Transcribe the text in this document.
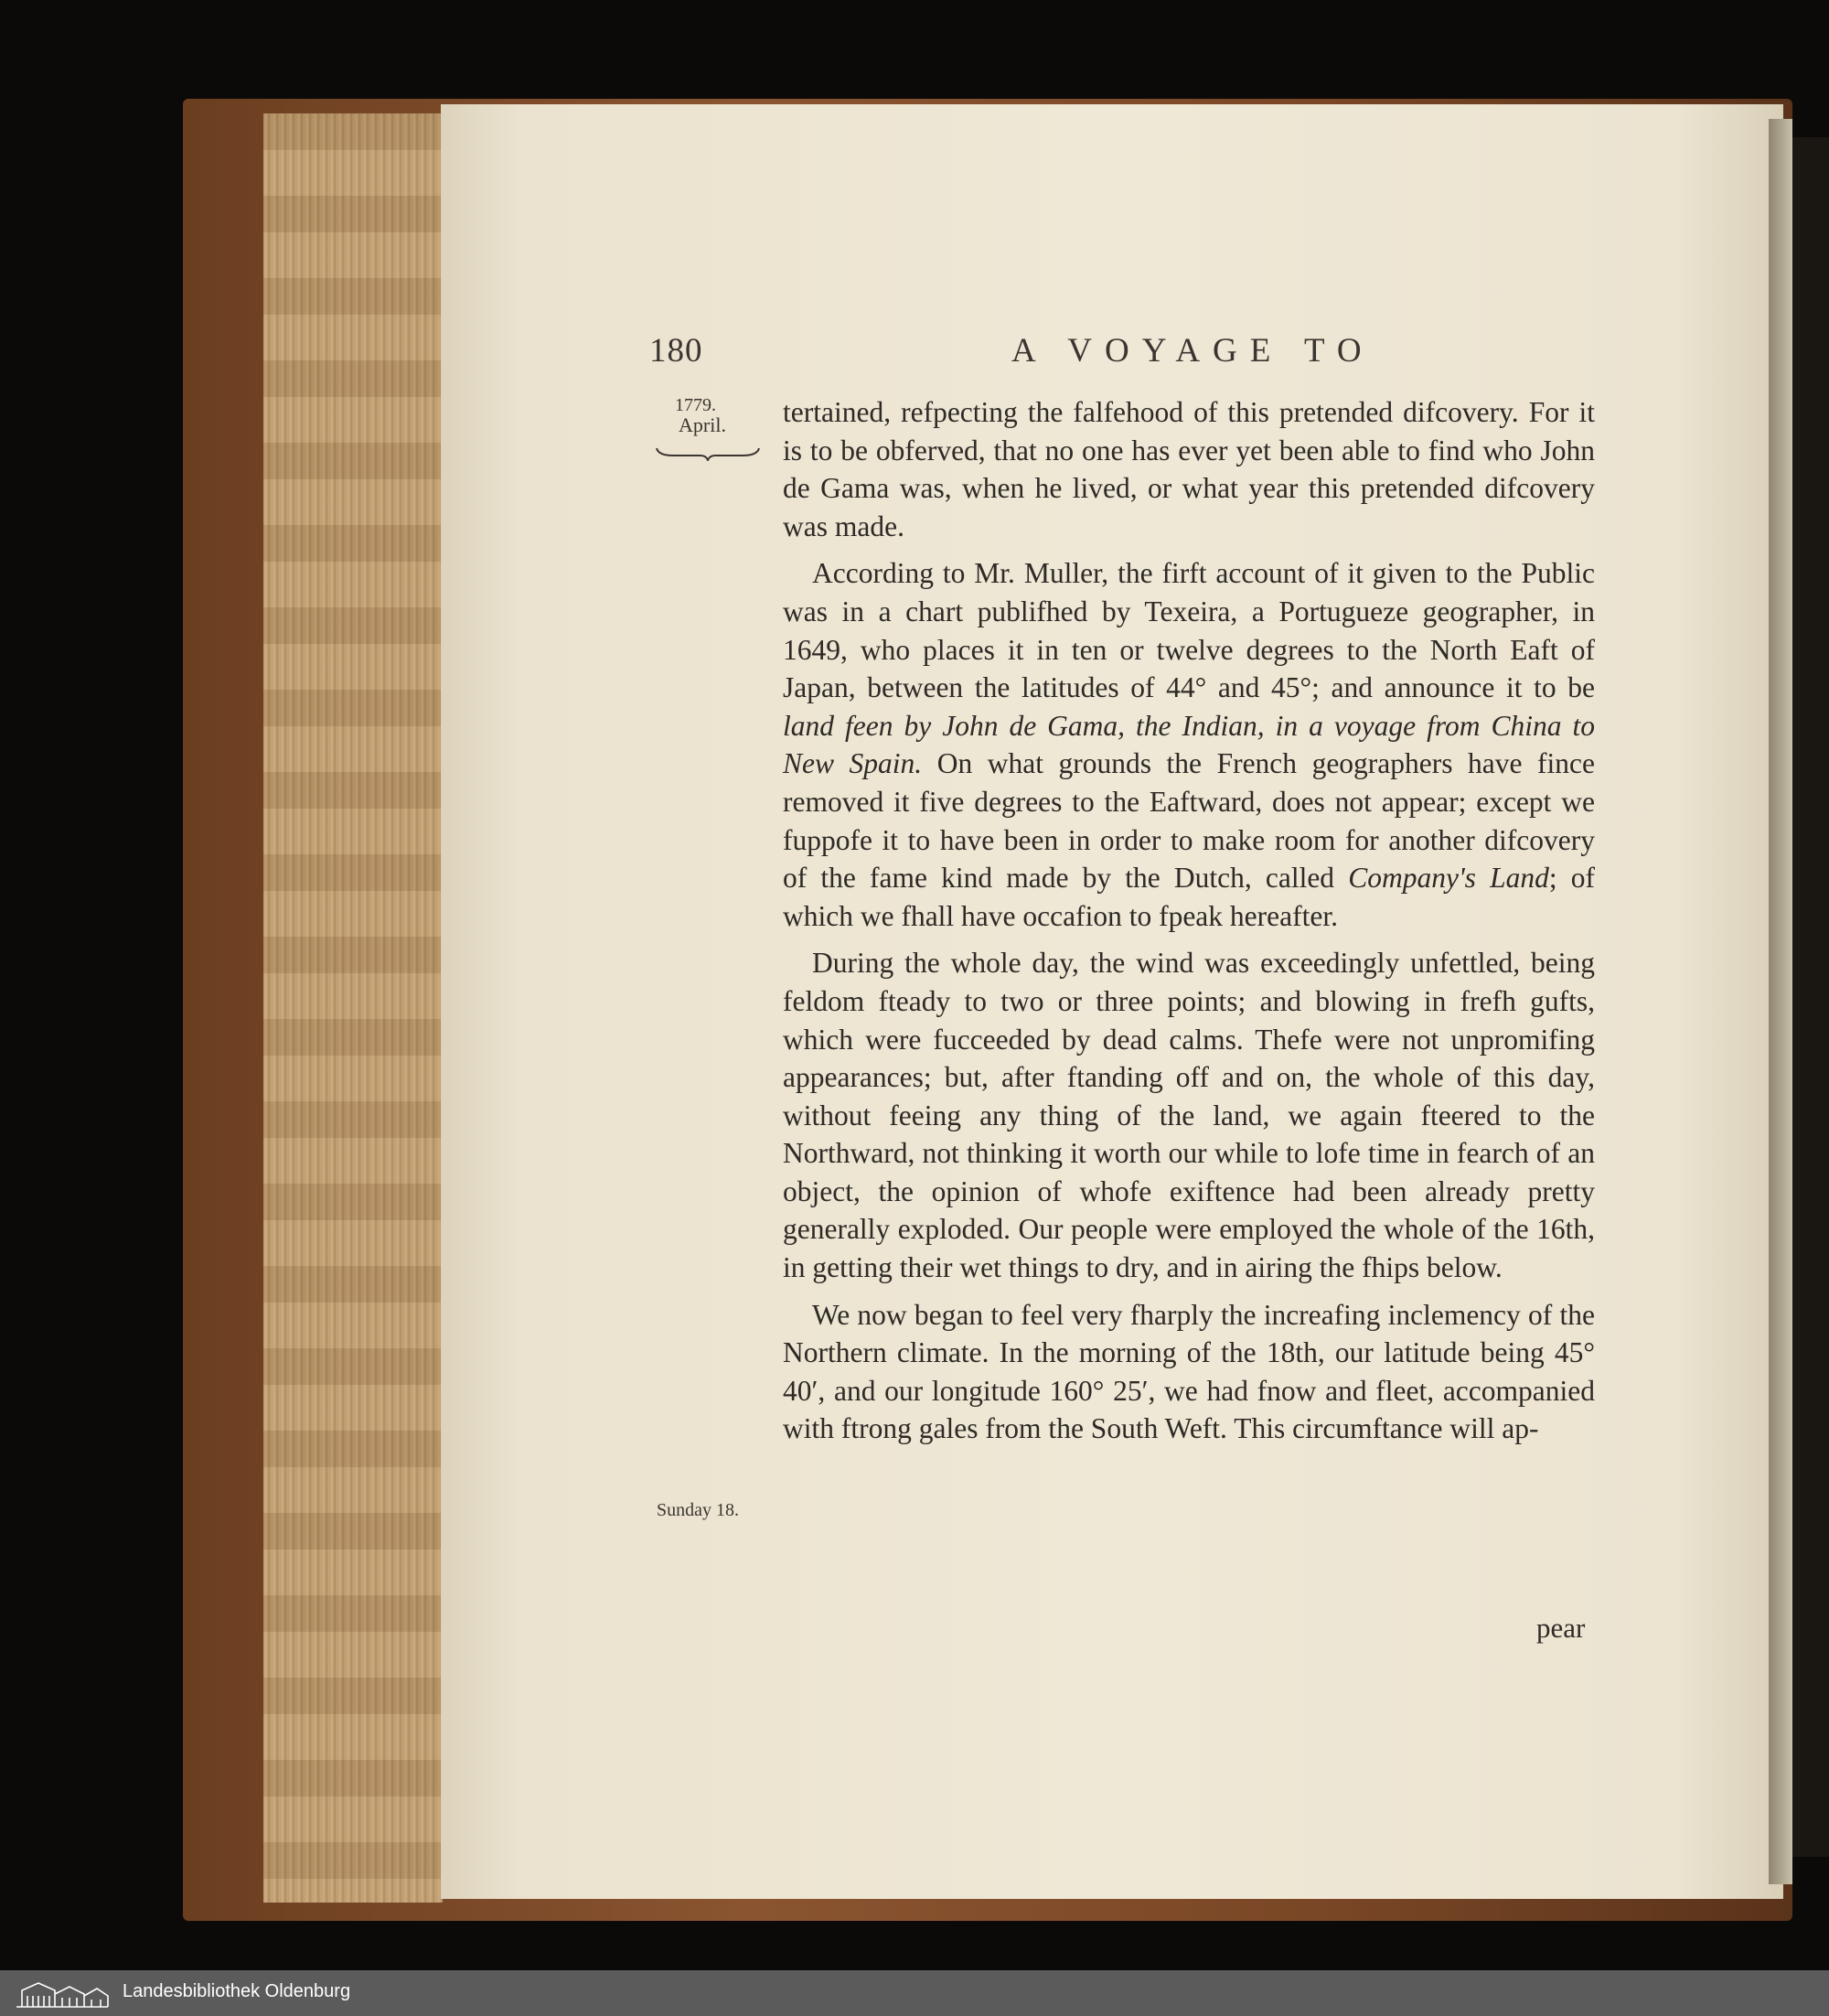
180	A VOYAGE TO
1779.
April.
Sunday 18.

tertained, refpecting the falfehood of this pretended difcovery. For it is to be obferved, that no one has ever yet been able to find who John de Gama was, when he lived, or what year this pretended difcovery was made.

According to Mr. Muller, the firft account of it given to the Public was in a chart publifhed by Texeira, a Portugueze geographer, in 1649, who places it in ten or twelve degrees to the North Eaft of Japan, between the latitudes of 44° and 45°; and announce it to be land feen by John de Gama, the Indian, in a voyage from China to New Spain. On what grounds the French geographers have fince removed it five degrees to the Eaftward, does not appear; except we fuppofe it to have been in order to make room for another difcovery of the fame kind made by the Dutch, called Company's Land; of which we fhall have occafion to fpeak hereafter.

During the whole day, the wind was exceedingly unfettled, being feldom fteady to two or three points; and blowing in frefh gufts, which were fucceeded by dead calms. Thefe were not unpromifing appearances; but, after ftanding off and on, the whole of this day, without feeing any thing of the land, we again fteered to the Northward, not thinking it worth our while to lofe time in fearch of an object, the opinion of whofe exiftence had been already pretty generally exploded. Our people were employed the whole of the 16th, in getting their wet things to dry, and in airing the fhips below.

We now began to feel very fharply the increafing inclemency of the Northern climate. In the morning of the 18th, our latitude being 45° 40′, and our longitude 160° 25′, we had fnow and fleet, accompanied with ftrong gales from the South Weft. This circumftance will ap-

pear
Landesbibliothek Oldenburg
